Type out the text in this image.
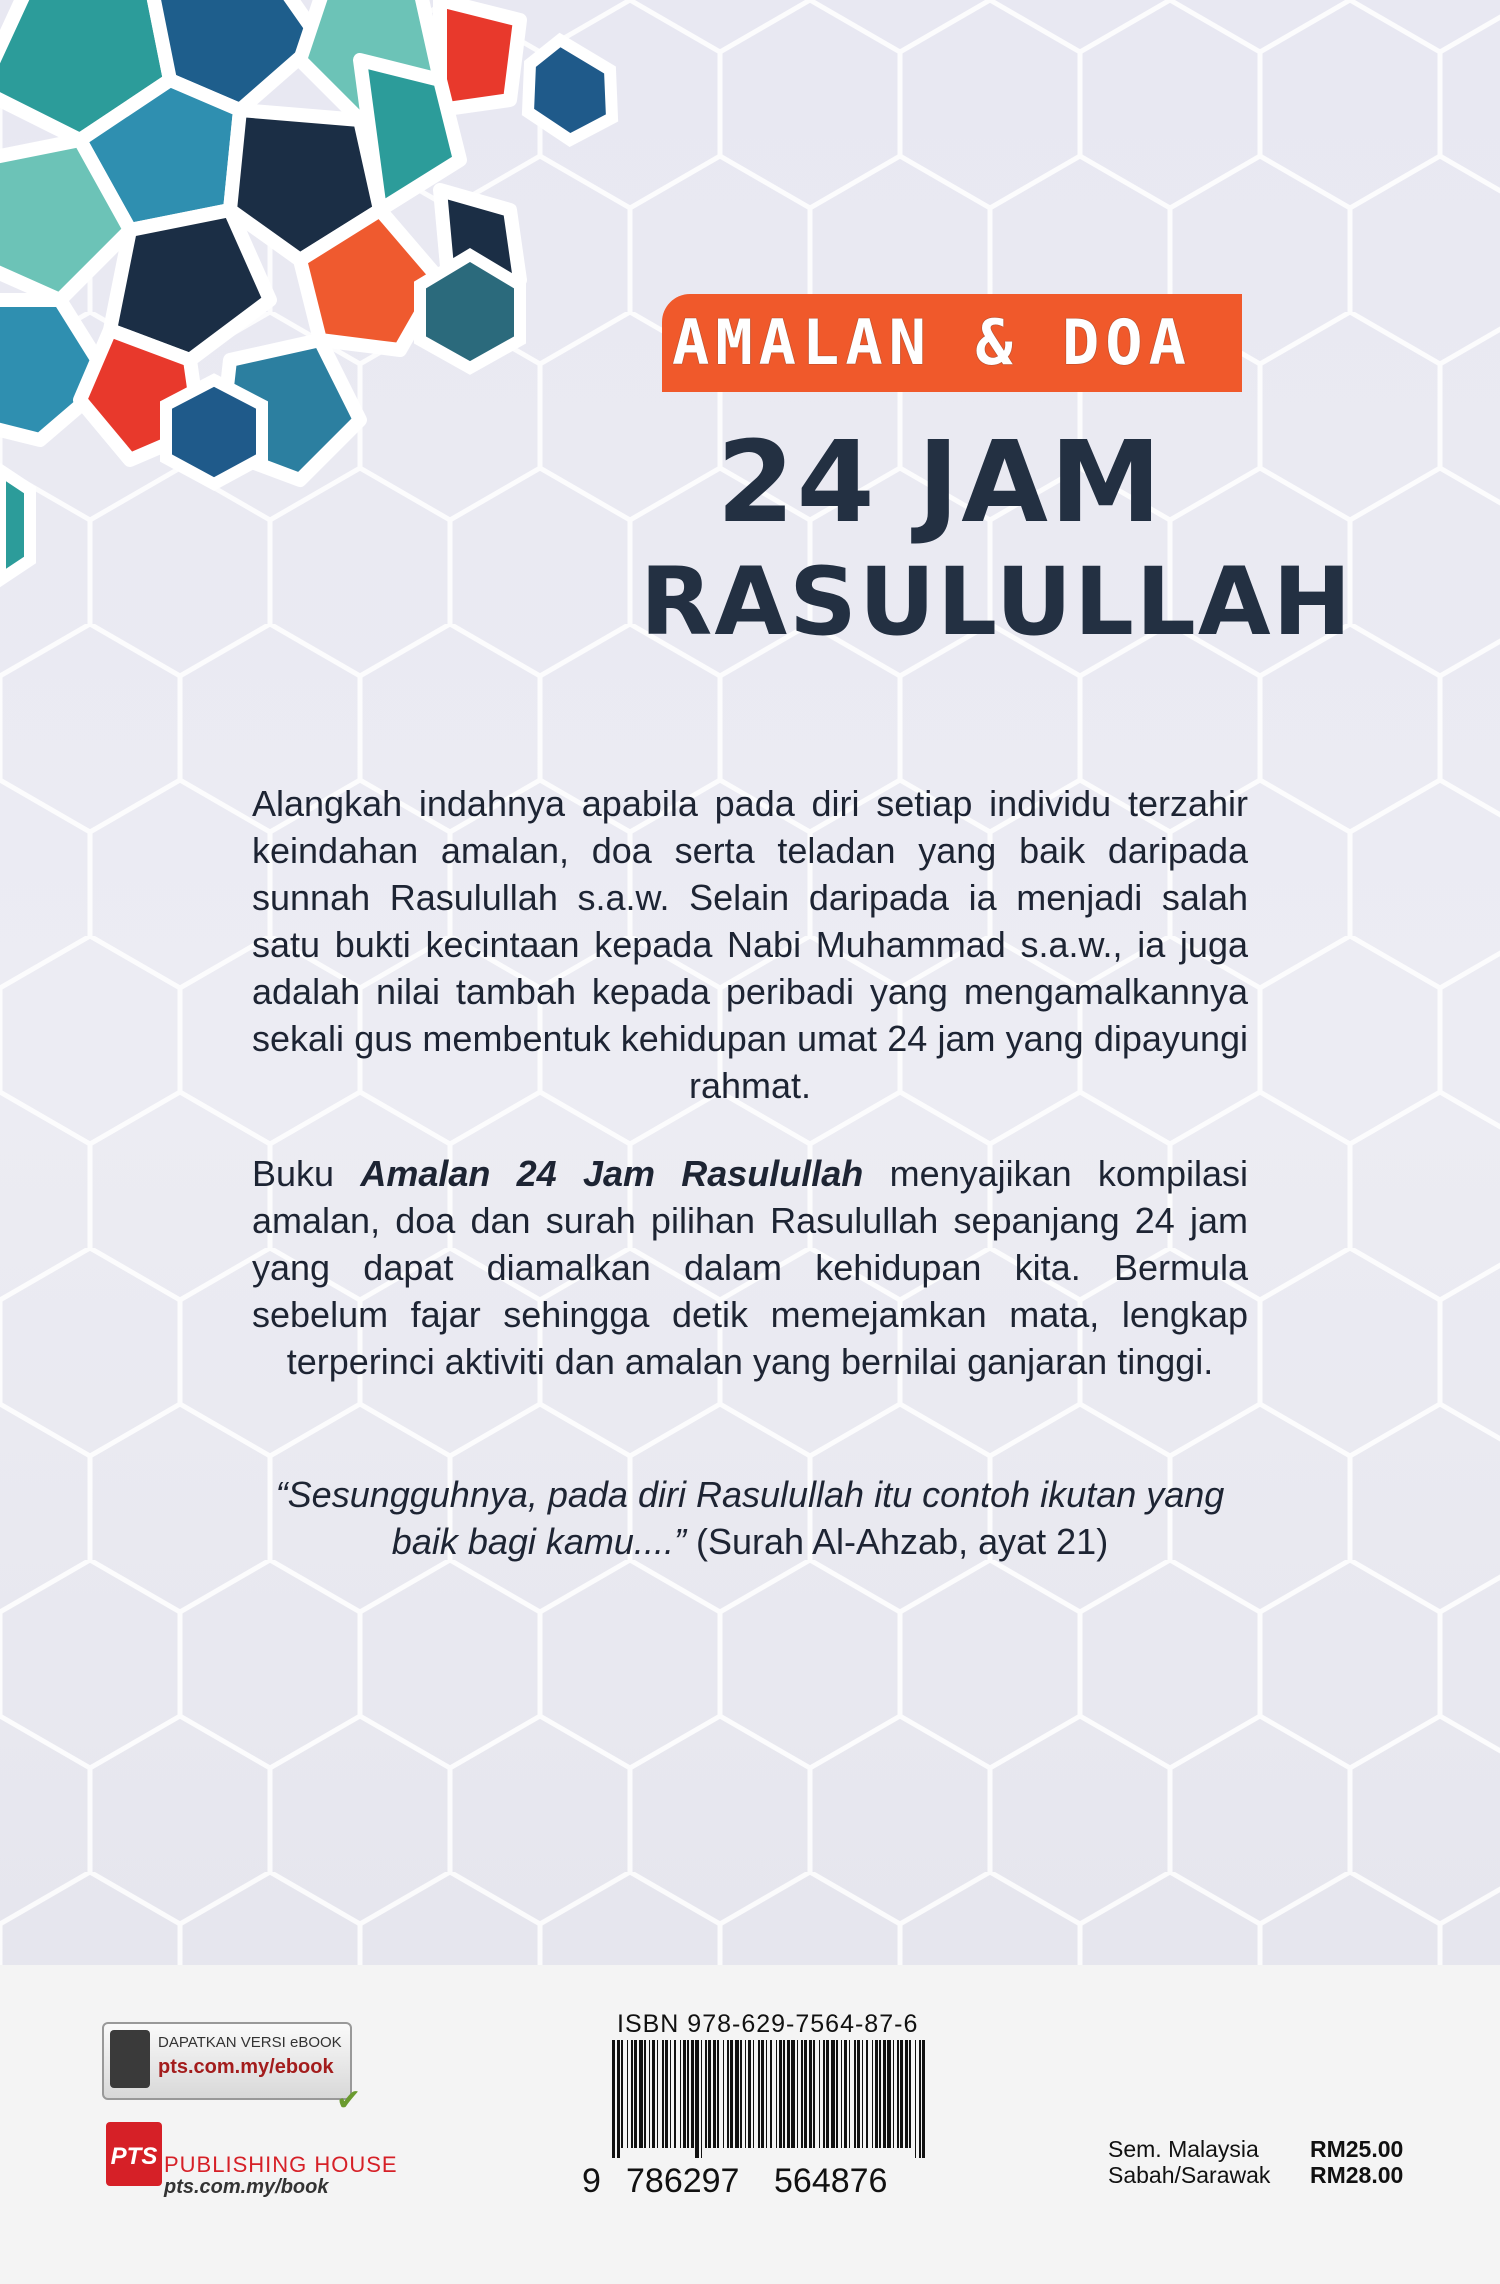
AMALAN & DOA
24 JAM
RASULULLAH

Alangkah indahnya apabila pada diri setiap individu terzahir keindahan amalan, doa serta teladan yang baik daripada sunnah Rasulullah s.a.w. Selain daripada ia menjadi salah satu bukti kecintaan kepada Nabi Muhammad s.a.w., ia juga adalah nilai tambah kepada peribadi yang mengamalkannya sekali gus membentuk kehidupan umat 24 jam yang dipayungi rahmat.

Buku Amalan 24 Jam Rasulullah menyajikan kompilasi amalan, doa dan surah pilihan Rasulullah sepanjang 24 jam yang dapat diamalkan dalam kehidupan kita. Bermula sebelum fajar sehingga detik memejamkan mata, lengkap terperinci aktiviti dan amalan yang bernilai ganjaran tinggi.

“Sesungguhnya, pada diri Rasulullah itu contoh ikutan yang baik bagi kamu....” (Surah Al-Ahzab, ayat 21)

DAPATKAN VERSI eBOOK
pts.com.my/ebook
✔
PTS PUBLISHING HOUSE
pts.com.my/book
ISBN 978-629-7564-87-6
9 786297 564876
Sem. Malaysia RM25.00
Sabah/Sarawak RM28.00
